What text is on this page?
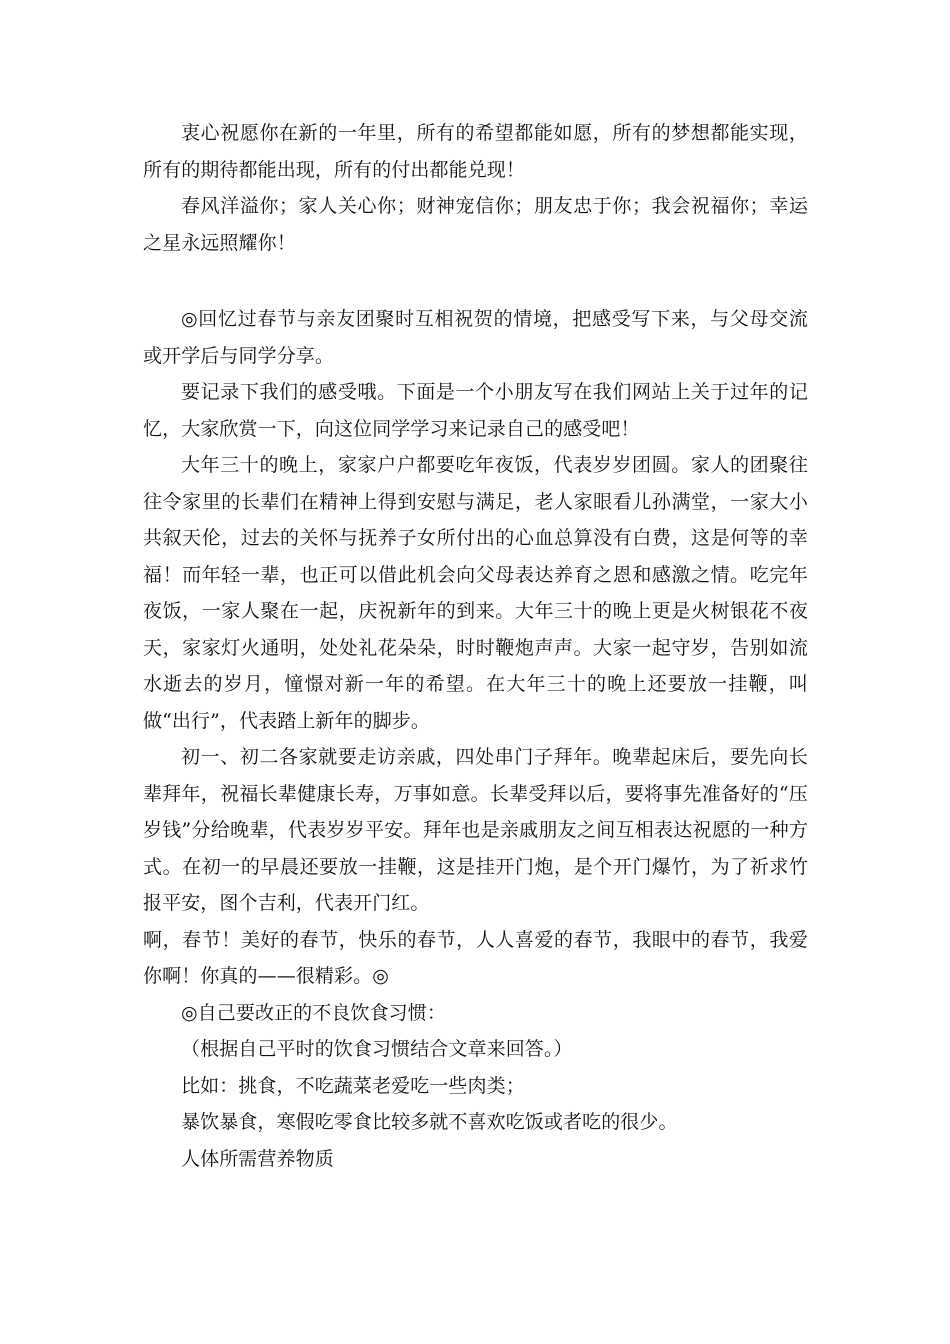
衷心祝愿你在新的一年里，所有的希望都能如愿，所有的梦想都能实现，所有的期待都能出现，所有的付出都能兑现！

春风洋溢你；家人关心你；财神宠信你；朋友忠于你；我会祝福你；幸运之星永远照耀你！

◎回忆过春节与亲友团聚时互相祝贺的情境，把感受写下来，与父母交流或开学后与同学分享。

要记录下我们的感受哦。下面是一个小朋友写在我们网站上关于过年的记忆，大家欣赏一下，向这位同学学习来记录自己的感受吧！

大年三十的晚上，家家户户都要吃年夜饭，代表岁岁团圆。家人的团聚往往令家里的长辈们在精神上得到安慰与满足，老人家眼看儿孙满堂，一家大小共叙天伦，过去的关怀与抚养子女所付出的心血总算没有白费，这是何等的幸福！而年轻一辈，也正可以借此机会向父母表达养育之恩和感激之情。吃完年夜饭，一家人聚在一起，庆祝新年的到来。大年三十的晚上更是火树银花不夜天，家家灯火通明，处处礼花朵朵，时时鞭炮声声。大家一起守岁，告别如流水逝去的岁月，憧憬对新一年的希望。在大年三十的晚上还要放一挂鞭，叫做“出行”，代表踏上新年的脚步。

初一、初二各家就要走访亲戚，四处串门子拜年。晚辈起床后，要先向长辈拜年，祝福长辈健康长寿，万事如意。长辈受拜以后，要将事先准备好的“压岁钱”分给晚辈，代表岁岁平安。拜年也是亲戚朋友之间互相表达祝愿的一种方式。在初一的早晨还要放一挂鞭，这是挂开门炮，是个开门爆竹，为了祈求竹报平安，图个吉利，代表开门红。

啊，春节！美好的春节，快乐的春节，人人喜爱的春节，我眼中的春节，我爱你啊！你真的——很精彩。◎

◎自己要改正的不良饮食习惯：

（根据自己平时的饮食习惯结合文章来回答。）

比如：挑食，不吃蔬菜老爱吃一些肉类；

暴饮暴食，寒假吃零食比较多就不喜欢吃饭或者吃的很少。

人体所需营养物质
